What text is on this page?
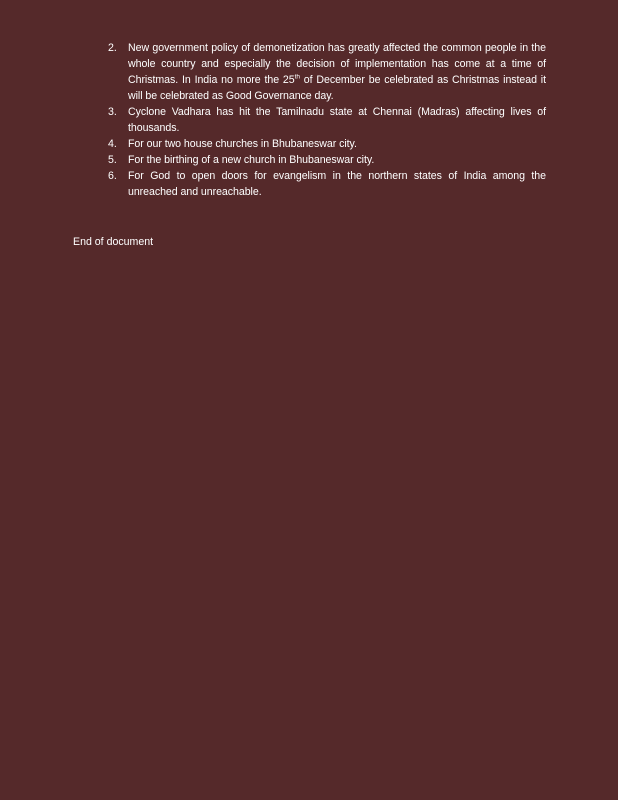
2.	New government policy of demonetization has greatly affected the common people in the whole country and especially the decision of implementation has come at a time of Christmas. In India no more the 25th of December be celebrated as Christmas instead it will be celebrated as Good Governance day.
3.	Cyclone Vadhara has hit the Tamilnadu state at Chennai (Madras) affecting lives of thousands.
4.	For our two house churches in Bhubaneswar city.
5.	For the birthing of a new church in Bhubaneswar city.
6.	For God to open doors for evangelism in the northern states of India among the unreached and unreachable.

End of document
